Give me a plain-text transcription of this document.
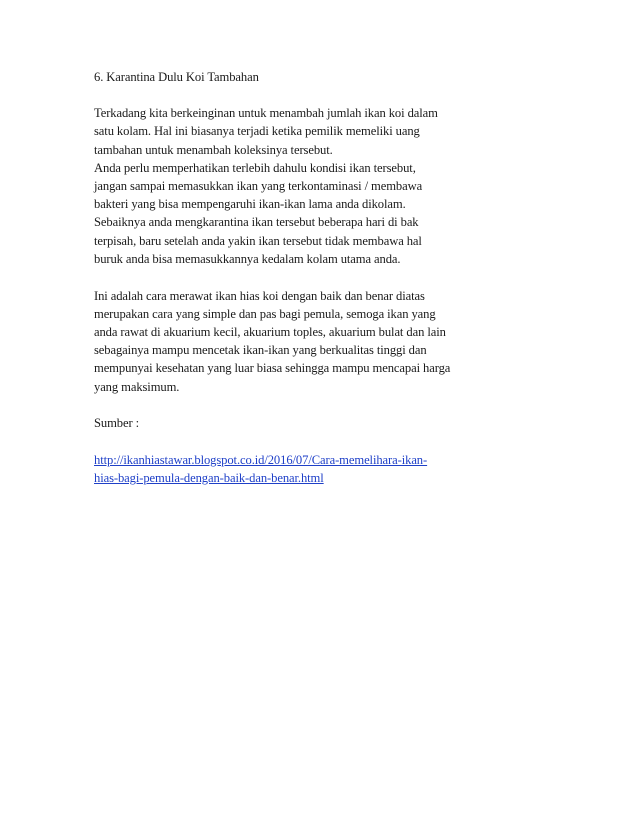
6. Karantina Dulu Koi Tambahan

Terkadang kita berkeinginan untuk menambah jumlah ikan koi dalam
satu kolam. Hal ini biasanya terjadi ketika pemilik memeliki uang
tambahan untuk menambah koleksinya tersebut.
Anda perlu memperhatikan terlebih dahulu kondisi ikan tersebut,
jangan sampai memasukkan ikan yang terkontaminasi / membawa
bakteri yang bisa mempengaruhi ikan-ikan lama anda dikolam.
Sebaiknya anda mengkarantina ikan tersebut beberapa hari di bak
terpisah, baru setelah anda yakin ikan tersebut tidak membawa hal
buruk anda bisa memasukkannya kedalam kolam utama anda.

Ini adalah cara merawat ikan hias koi dengan baik dan benar diatas
merupakan cara yang simple dan pas bagi pemula, semoga ikan yang
anda rawat di akuarium kecil, akuarium toples, akuarium bulat dan lain
sebagainya mampu mencetak ikan-ikan yang berkualitas tinggi dan
mempunyai kesehatan yang luar biasa sehingga mampu mencapai harga
yang maksimum.

Sumber :

http://ikanhiastawar.blogspot.co.id/2016/07/Cara-memelihara-ikan-
hias-bagi-pemula-dengan-baik-dan-benar.html
